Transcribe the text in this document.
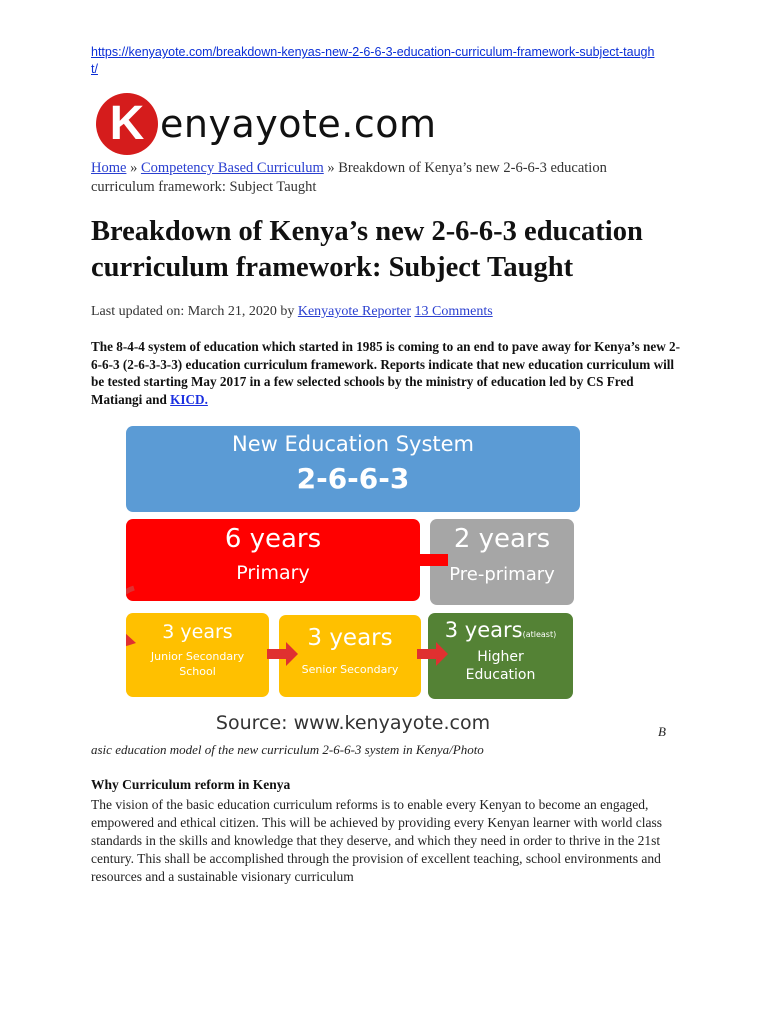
https://kenyayote.com/breakdown-kenyas-new-2-6-6-3-education-curriculum-framework-subject-taught/
K enyayote.com
Home » Competency Based Curriculum » Breakdown of Kenya’s new 2-6-6-3 education curriculum framework: Subject Taught
Breakdown of Kenya’s new 2-6-6-3 education curriculum framework: Subject Taught
Last updated on: March 21, 2020 by Kenyayote Reporter 13 Comments
The 8-4-4 system of education which started in 1985 is coming to an end to pave away for Kenya’s new 2-6-6-3 (2-6-3-3-3) education curriculum framework. Reports indicate that new education curriculum will be tested starting May 2017 in a few selected schools by the ministry of education led by CS Fred Matiangi and KICD.
New Education System
2-6-6-3
6 years
Primary
2 years
Pre-primary
3 years
Junior Secondary
School
3 years
Senior Secondary
3 years(atleast)
Higher
Education
Source: www.kenyayote.com	B
asic education model of the new curriculum 2-6-6-3 system in Kenya/Photo
Why Curriculum reform in Kenya
The vision of the basic education curriculum reforms is to enable every Kenyan to become an engaged, empowered and ethical citizen. This will be achieved by providing every Kenyan learner with world class standards in the skills and knowledge that they deserve, and which they need in order to thrive in the 21st century. This shall be accomplished through the provision of excellent teaching, school environments and resources and a sustainable visionary curriculum
